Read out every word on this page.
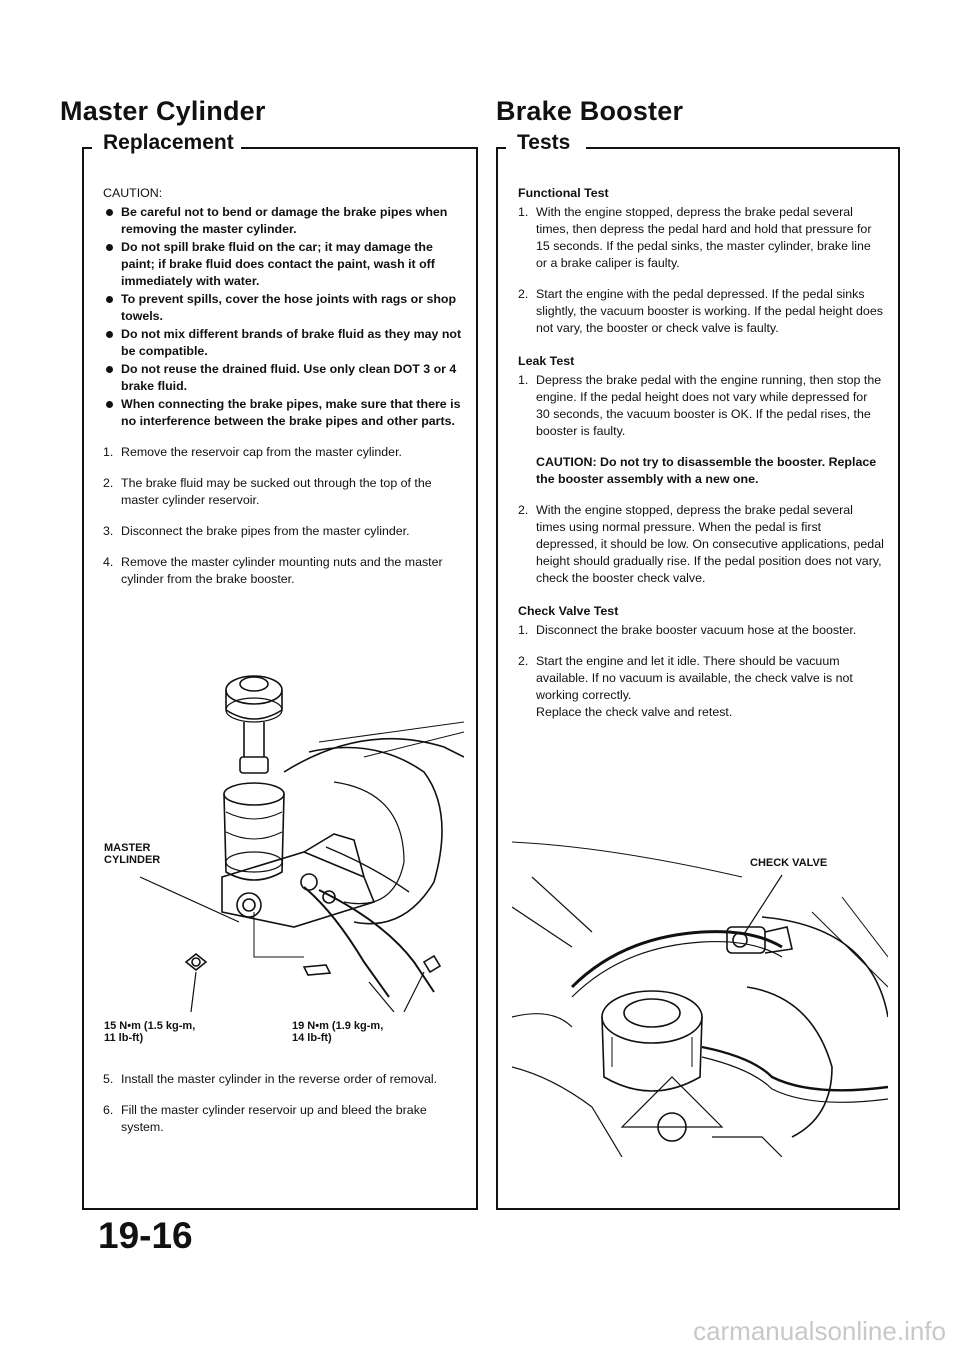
Master Cylinder
Replacement
CAUTION:
Be careful not to bend or damage the brake pipes when removing the master cylinder.
Do not spill brake fluid on the car; it may damage the paint; if brake fluid does contact the paint, wash it off immediately with water.
To prevent spills, cover the hose joints with rags or shop towels.
Do not mix different brands of brake fluid as they may not be compatible.
Do not reuse the drained fluid. Use only clean DOT 3 or 4 brake fluid.
When connecting the brake pipes, make sure that there is no interference between the brake pipes and other parts.
1. Remove the reservoir cap from the master cylinder.
2. The brake fluid may be sucked out through the top of the master cylinder reservoir.
3. Disconnect the brake pipes from the master cylinder.
4. Remove the master cylinder mounting nuts and the master cylinder from the brake booster.
MASTER
CYLINDER
15 N•m (1.5 kg-m,
11 lb-ft)
19 N•m (1.9 kg-m,
14 lb-ft)
5. Install the master cylinder in the reverse order of removal.
6. Fill the master cylinder reservoir up and bleed the brake system.
Brake Booster
Tests
Functional Test
1. With the engine stopped, depress the brake pedal several times, then depress the pedal hard and hold that pressure for 15 seconds. If the pedal sinks, the master cylinder, brake line or a brake caliper is faulty.
2. Start the engine with the pedal depressed. If the pedal sinks slightly, the vacuum booster is working. If the pedal height does not vary, the booster or check valve is faulty.
Leak Test
1. Depress the brake pedal with the engine running, then stop the engine. If the pedal height does not vary while depressed for 30 seconds, the vacuum booster is OK. If the pedal rises, the booster is faulty.
CAUTION: Do not try to disassemble the booster. Replace the booster assembly with a new one.
2. With the engine stopped, depress the brake pedal several times using normal pressure. When the pedal is first depressed, it should be low. On consecutive applications, pedal height should gradually rise. If the pedal position does not vary, check the booster check valve.
Check Valve Test
1. Disconnect the brake booster vacuum hose at the booster.
2. Start the engine and let it idle. There should be vacuum available. If no vacuum is available, the check valve is not working correctly.
Replace the check valve and retest.
CHECK VALVE
19-16
carmanualsonline.info
